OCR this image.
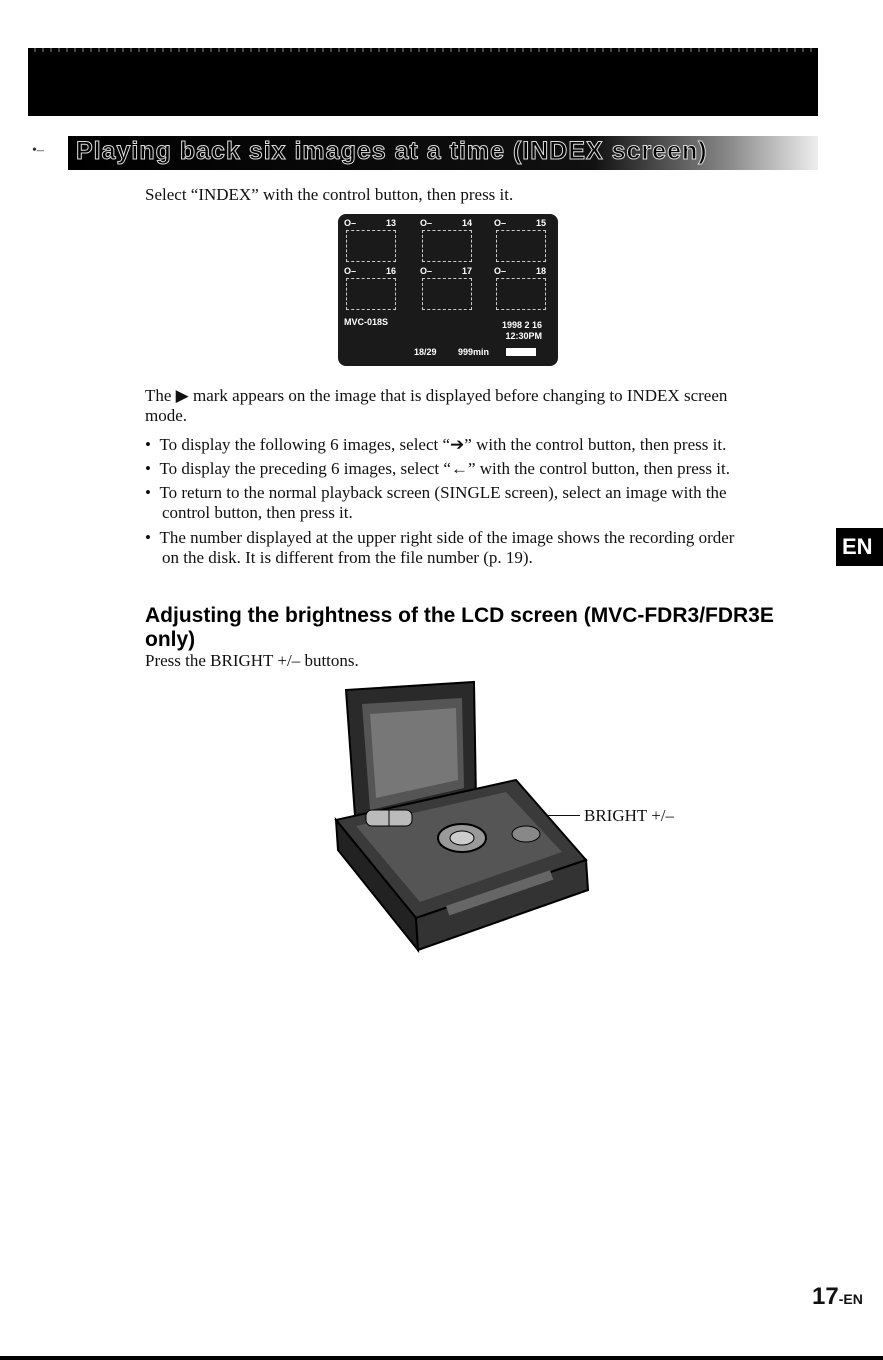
•– Playing back six images at a time (INDEX screen)
Select “INDEX” with the control button, then press it.
O–	13	O–	14 O–	15
O–	16	O–	17 O–	18
MVC-018S	1998 2 16
12:30PM
18/29 999min
The ▶ mark appears on the image that is displayed before changing to INDEX screen
mode.
•  To display the following 6 images, select “➔” with the control button, then press it.
•  To display the preceding 6 images, select “←” with the control button, then press it.
•  To return to the normal playback screen (SINGLE screen), select an image with the
control button, then press it.
•  The number displayed at the upper right side of the image shows the recording order
on the disk. It is different from the file number (p. 19).	EN
Adjusting the brightness of the LCD screen (MVC-FDR3/FDR3E
only)
Press the BRIGHT +/– buttons.
BRIGHT +/–
17-EN
